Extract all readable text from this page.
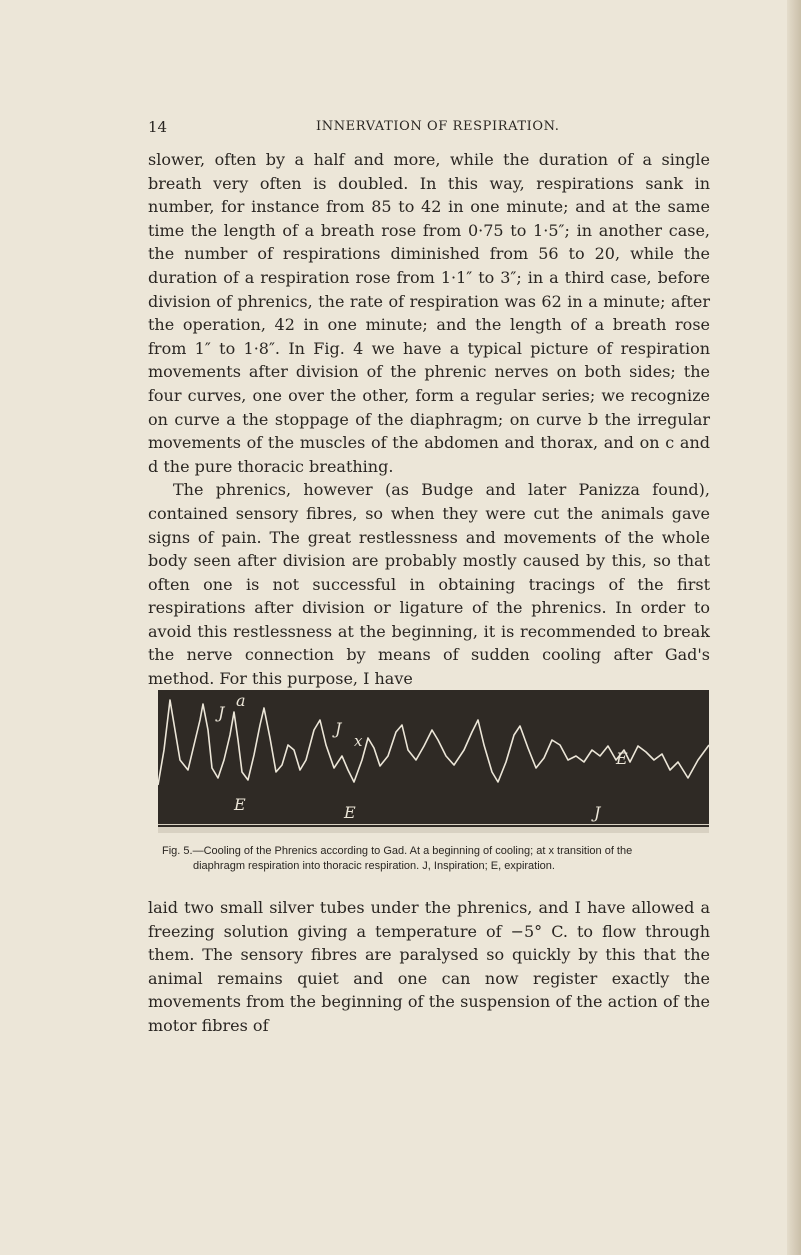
14	INNERVATION OF RESPIRATION.

slower, often by a half and more, while the duration of a single breath very often is doubled. In this way, respirations sank in number, for instance from 85 to 42 in one minute; and at the same time the length of a breath rose from 0·75 to 1·5″; in another case, the number of respirations diminished from 56 to 20, while the duration of a respiration rose from 1·1″ to 3″; in a third case, before division of phrenics, the rate of respiration was 62 in a minute; after the operation, 42 in one minute; and the length of a breath rose from 1″ to 1·8″. In Fig. 4 we have a typical picture of respiration movements after division of the phrenic nerves on both sides; the four curves, one over the other, form a regular series; we recognize on curve a the stoppage of the diaphragm; on curve b the irregular movements of the muscles of the abdomen and thorax, and on c and d the pure thoracic breathing.

The phrenics, however (as Budge and later Panizza found), contained sensory fibres, so when they were cut the animals gave signs of pain. The great restlessness and movements of the whole body seen after division are probably mostly caused by this, so that often one is not successful in obtaining tracings of the first respirations after division or ligature of the phrenics. In order to avoid this restlessness at the beginning, it is recommended to break the nerve connection by means of sudden cooling after Gad's method. For this purpose, I have

J
a
J
x
E	E
E
J
Fig. 5.—Cooling of the Phrenics according to Gad. At a beginning of cooling; at x transition of the
diaphragm respiration into thoracic respiration. J, Inspiration; E, expiration.

laid two small silver tubes under the phrenics, and I have allowed a freezing solution giving a temperature of −5° C. to flow through them. The sensory fibres are paralysed so quickly by this that the animal remains quiet and one can now register exactly the movements from the beginning of the suspension of the action of the motor fibres of
